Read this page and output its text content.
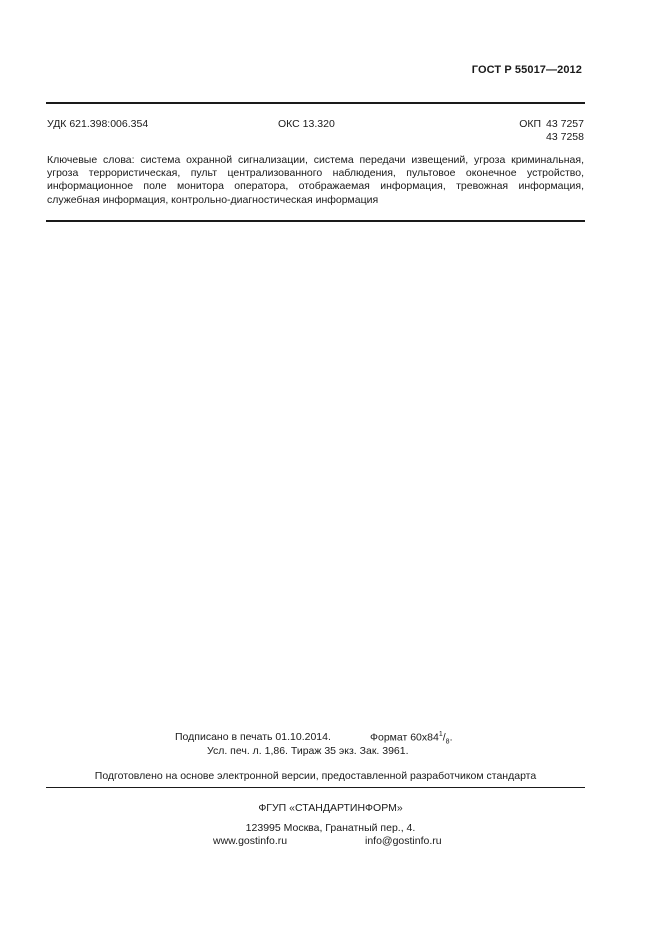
ГОСТ Р 55017—2012
УДК 621.398:006.354	ОКС 13.320	ОКП 43 7257
43 7258
Ключевые слова: система охранной сигнализации, система передачи извещений, угроза криминальная, угроза террористическая, пульт централизованного наблюдения, пультовое оконечное устройство, информационное поле монитора оператора, отображаемая информация, тревожная информация, служебная информация, контрольно-диагностическая информация
Подписано в печать 01.10.2014.	Формат $60x84^1/_8$.
Усл. печ. л. 1,86. Тираж 35 экз. Зак. 3961.
Подготовлено на основе электронной версии, предоставленной разработчиком стандарта
ФГУП «СТАНДАРТИНФОРМ»
123995 Москва, Гранатный пер., 4.
www.gostinfo.ru	info@gostinfo.ru
